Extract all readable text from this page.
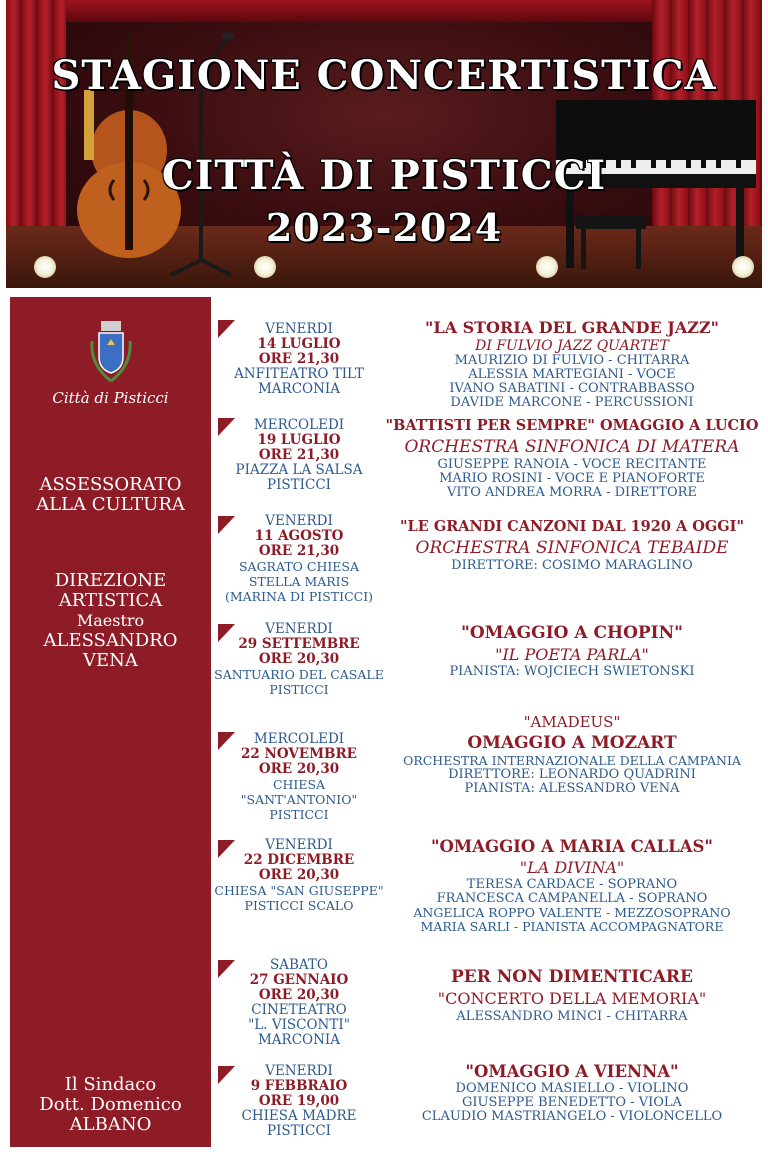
STAGIONE CONCERTISTICA
CITTÀ DI PISTICCI
2023-2024
Città di Pisticci
ASSESSORATO
ALLA CULTURA
DIREZIONE
ARTISTICA
Maestro
ALESSANDRO
VENA
Il Sindaco
Dott. Domenico
ALBANO
VENERDI
14 LUGLIO
ORE 21,30
ANFITEATRO TILT
MARCONIA
"LA STORIA DEL GRANDE JAZZ"
DI FULVIO JAZZ QUARTET
MAURIZIO DI FULVIO - CHITARRA
ALESSIA MARTEGIANI - VOCE
IVANO SABATINI - CONTRABBASSO
DAVIDE MARCONE - PERCUSSIONI
MERCOLEDI
19 LUGLIO
ORE 21,30
PIAZZA LA SALSA
PISTICCI
"BATTISTI PER SEMPRE" OMAGGIO A LUCIO
ORCHESTRA SINFONICA DI MATERA
GIUSEPPE RANOIA - VOCE RECITANTE
MARIO ROSINI - VOCE E PIANOFORTE
VITO ANDREA MORRA - DIRETTORE
VENERDI
11 AGOSTO
ORE 21,30
SAGRATO CHIESA
STELLA MARIS
(MARINA DI PISTICCI)
"LE GRANDI CANZONI DAL 1920 A OGGI"
ORCHESTRA SINFONICA TEBAIDE
DIRETTORE: COSIMO MARAGLINO
VENERDI
29 SETTEMBRE
ORE 20,30
SANTUARIO DEL CASALE
PISTICCI
"OMAGGIO A CHOPIN"
"IL POETA PARLA"
PIANISTA: WOJCIECH SWIETONSKI
MERCOLEDI
22 NOVEMBRE
ORE 20,30
CHIESA "SANT'ANTONIO"
PISTICCI
"AMADEUS"
OMAGGIO A MOZART
ORCHESTRA INTERNAZIONALE DELLA CAMPANIA
DIRETTORE: LEONARDO QUADRINI
PIANISTA: ALESSANDRO VENA
VENERDI
22 DICEMBRE
ORE 20,30
CHIESA "SAN GIUSEPPE"
PISTICCI SCALO
"OMAGGIO A MARIA CALLAS"
"LA DIVINA"
TERESA CARDACE - SOPRANO
FRANCESCA CAMPANELLA - SOPRANO
ANGELICA ROPPO VALENTE - MEZZOSOPRANO
MARIA SARLI - PIANISTA ACCOMPAGNATORE
SABATO
27 GENNAIO
ORE 20,30
CINETEATRO
"L. VISCONTI"
MARCONIA
PER NON DIMENTICARE
"CONCERTO DELLA MEMORIA"
ALESSANDRO MINCI - CHITARRA
VENERDI
9 FEBBRAIO
ORE 19,00
CHIESA MADRE
PISTICCI
"OMAGGIO A VIENNA"
DOMENICO MASIELLO - VIOLINO
GIUSEPPE BENEDETTO - VIOLA
CLAUDIO MASTRIANGELO - VIOLONCELLO
